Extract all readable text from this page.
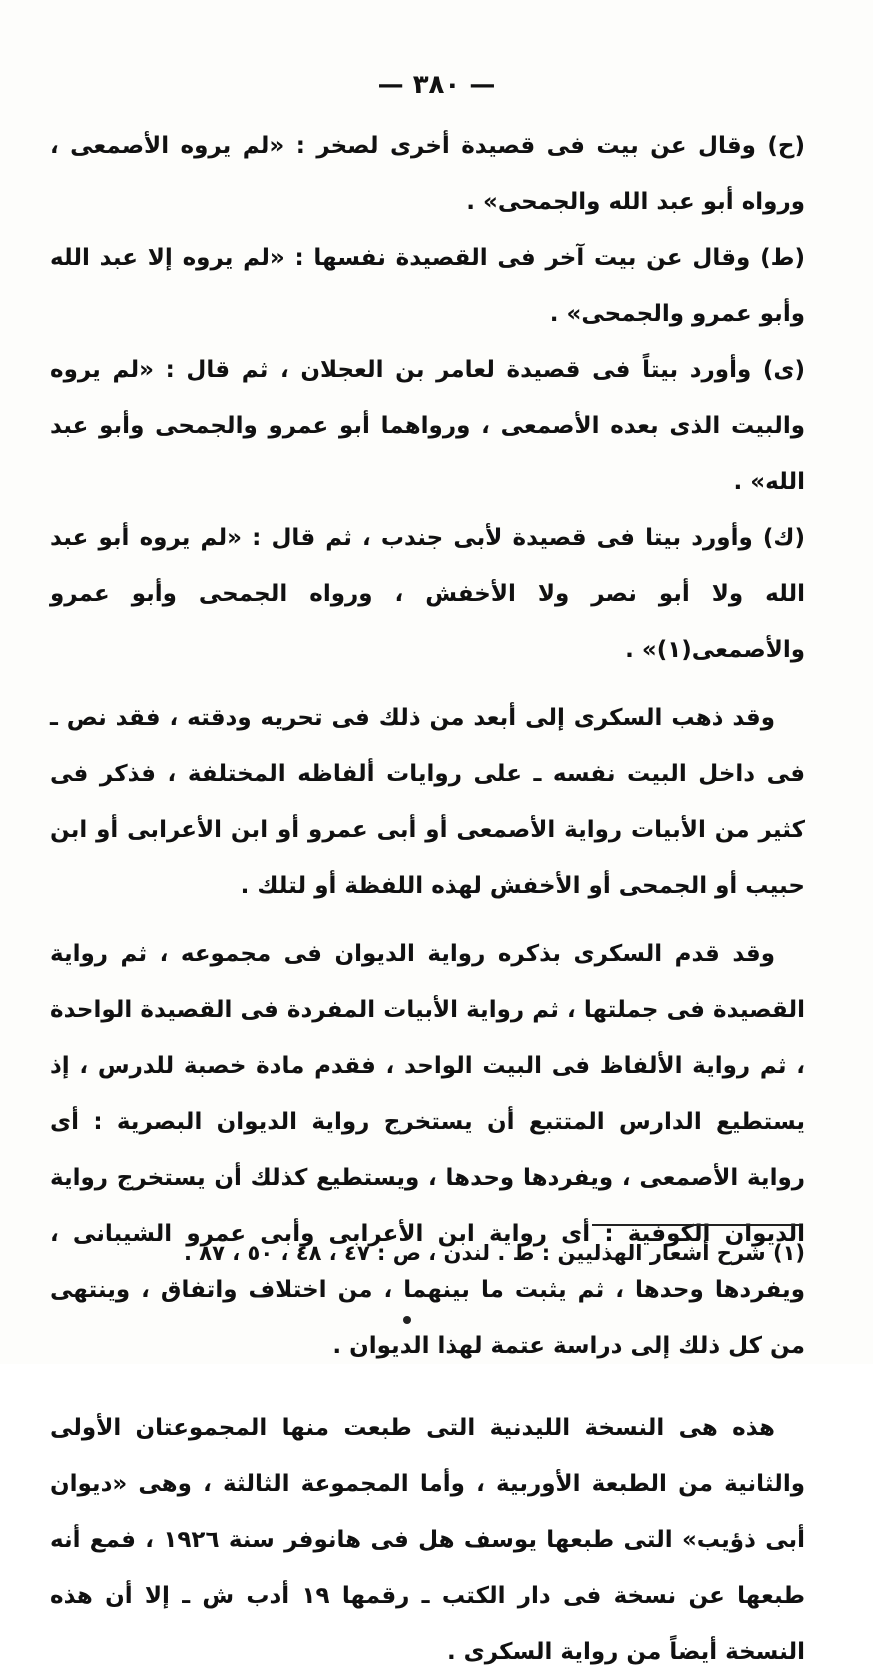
— ٣٨٠ —

(ح) وقال عن بيت فى قصيدة أخرى لصخر : «لم يروه الأصمعى ، ورواه أبو عبد الله والجمحى» .

(ط) وقال عن بيت آخر فى القصيدة نفسها : «لم يروه إلا عبد الله وأبو عمرو والجمحى» .

(ى) وأورد بيتاً فى قصيدة لعامر بن العجلان ، ثم قال : «لم يروه والبيت الذى بعده الأصمعى ، ورواهما أبو عمرو والجمحى وأبو عبد الله» .

(ك) وأورد بيتا فى قصيدة لأبى جندب ، ثم قال : «لم يروه أبو عبد الله ولا أبو نصر ولا الأخفش ، ورواه الجمحى وأبو عمرو والأصمعى(١)» .

وقد ذهب السكرى إلى أبعد من ذلك فى تحريه ودقته ، فقد نص ـ فى داخل البيت نفسه ـ على روايات ألفاظه المختلفة ، فذكر فى كثير من الأبيات رواية الأصمعى أو أبى عمرو أو ابن الأعرابى أو ابن حبيب أو الجمحى أو الأخفش لهذه اللفظة أو لتلك .

وقد قدم السكرى بذكره رواية الديوان فى مجموعه ، ثم رواية القصيدة فى جملتها ، ثم رواية الأبيات المفردة فى القصيدة الواحدة ، ثم رواية الألفاظ فى البيت الواحد ، فقدم مادة خصبة للدرس ، إذ يستطيع الدارس المتتبع أن يستخرج رواية الديوان البصرية : أى رواية الأصمعى ، ويفردها وحدها ، ويستطيع كذلك أن يستخرج رواية الديوان الكوفية : أى رواية ابن الأعرابى وأبى عمرو الشيبانى ، ويفردها وحدها ، ثم يثبت ما بينهما ، من اختلاف واتفاق ، وينتهى من كل ذلك إلى دراسة عتمة لهذا الديوان .

هذه هى النسخة الليدنية التى طبعت منها المجموعتان الأولى والثانية من الطبعة الأوربية ، وأما المجموعة الثالثة ، وهى «ديوان أبى ذؤيب» التى طبعها يوسف هل فى هانوفر سنة ١٩٢٦ ، فمع أنه طبعها عن نسخة فى دار الكتب ـ رقمها ١٩ أدب ش ـ إلا أن هذه النسخة أيضاً من رواية السكرى .

(١) شرح أشعار الهذليين : ط . لندن ، ص : ٤٧ ، ٤٨ ، ٥٠ ، ٨٧ .
